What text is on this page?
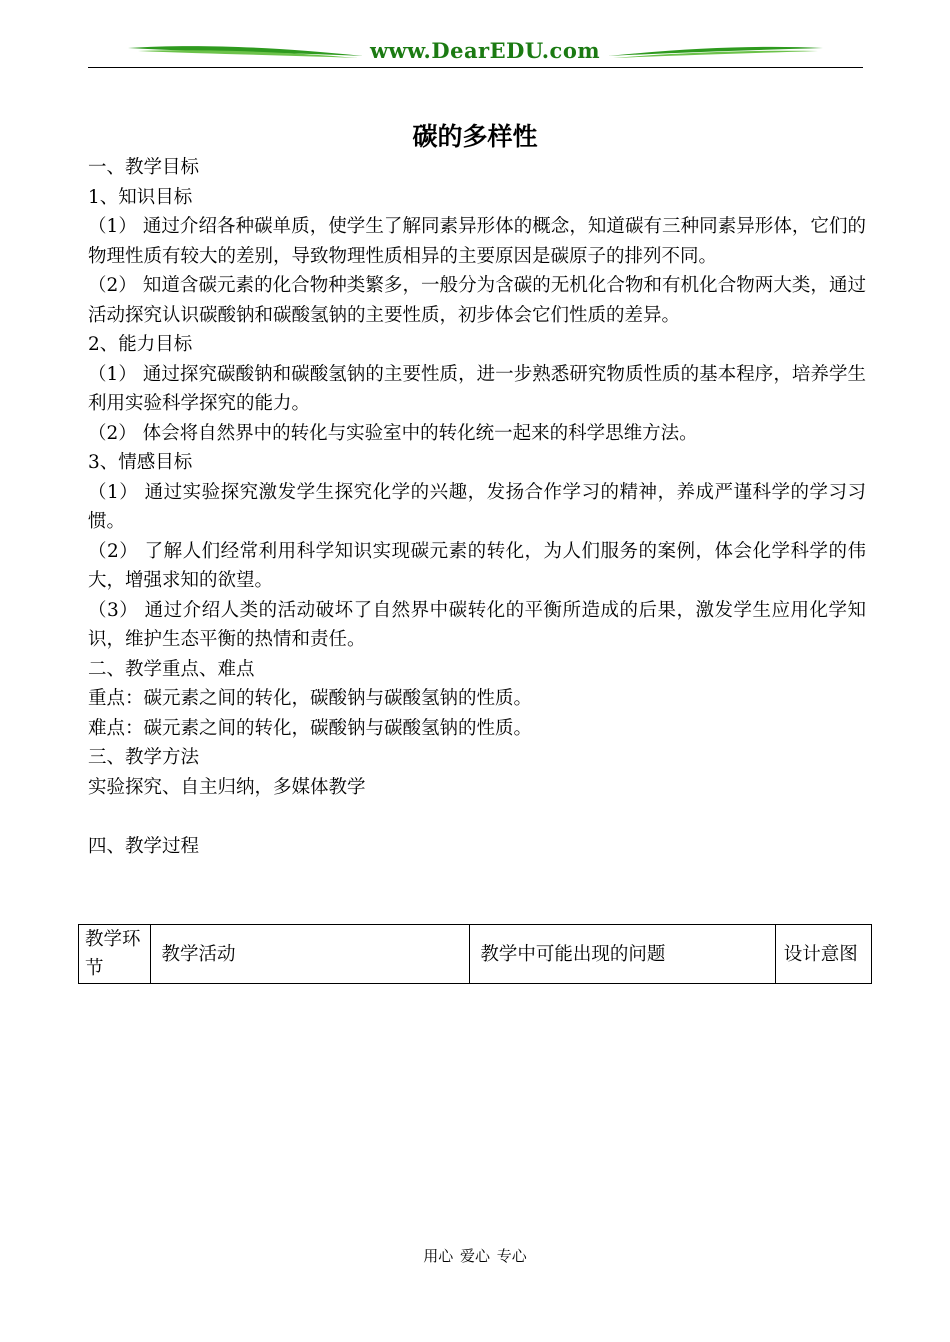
www.DearEDU.com
碳的多样性

一、教学目标

1、知识目标

（1） 通过介绍各种碳单质，使学生了解同素异形体的概念，知道碳有三种同素异形体，它们的物理性质有较大的差别，导致物理性质相异的主要原因是碳原子的排列不同。

（2） 知道含碳元素的化合物种类繁多，一般分为含碳的无机化合物和有机化合物两大类，通过活动探究认识碳酸钠和碳酸氢钠的主要性质，初步体会它们性质的差异。

2、能力目标

（1） 通过探究碳酸钠和碳酸氢钠的主要性质，进一步熟悉研究物质性质的基本程序，培养学生利用实验科学探究的能力。

（2） 体会将自然界中的转化与实验室中的转化统一起来的科学思维方法。

3、情感目标

（1） 通过实验探究激发学生探究化学的兴趣，发扬合作学习的精神，养成严谨科学的学习习惯。

（2） 了解人们经常利用科学知识实现碳元素的转化，为人们服务的案例，体会化学科学的伟大，增强求知的欲望。

（3） 通过介绍人类的活动破坏了自然界中碳转化的平衡所造成的后果，激发学生应用化学知识，维护生态平衡的热情和责任。

二、教学重点、难点

重点：碳元素之间的转化，碳酸钠与碳酸氢钠的性质。

难点：碳元素之间的转化，碳酸钠与碳酸氢钠的性质。

三、教学方法

实验探究、自主归纳，多媒体教学

四、教学过程

教学环节	教学活动	教学中可能出现的问题	设计意图
用心 爱心 专心
